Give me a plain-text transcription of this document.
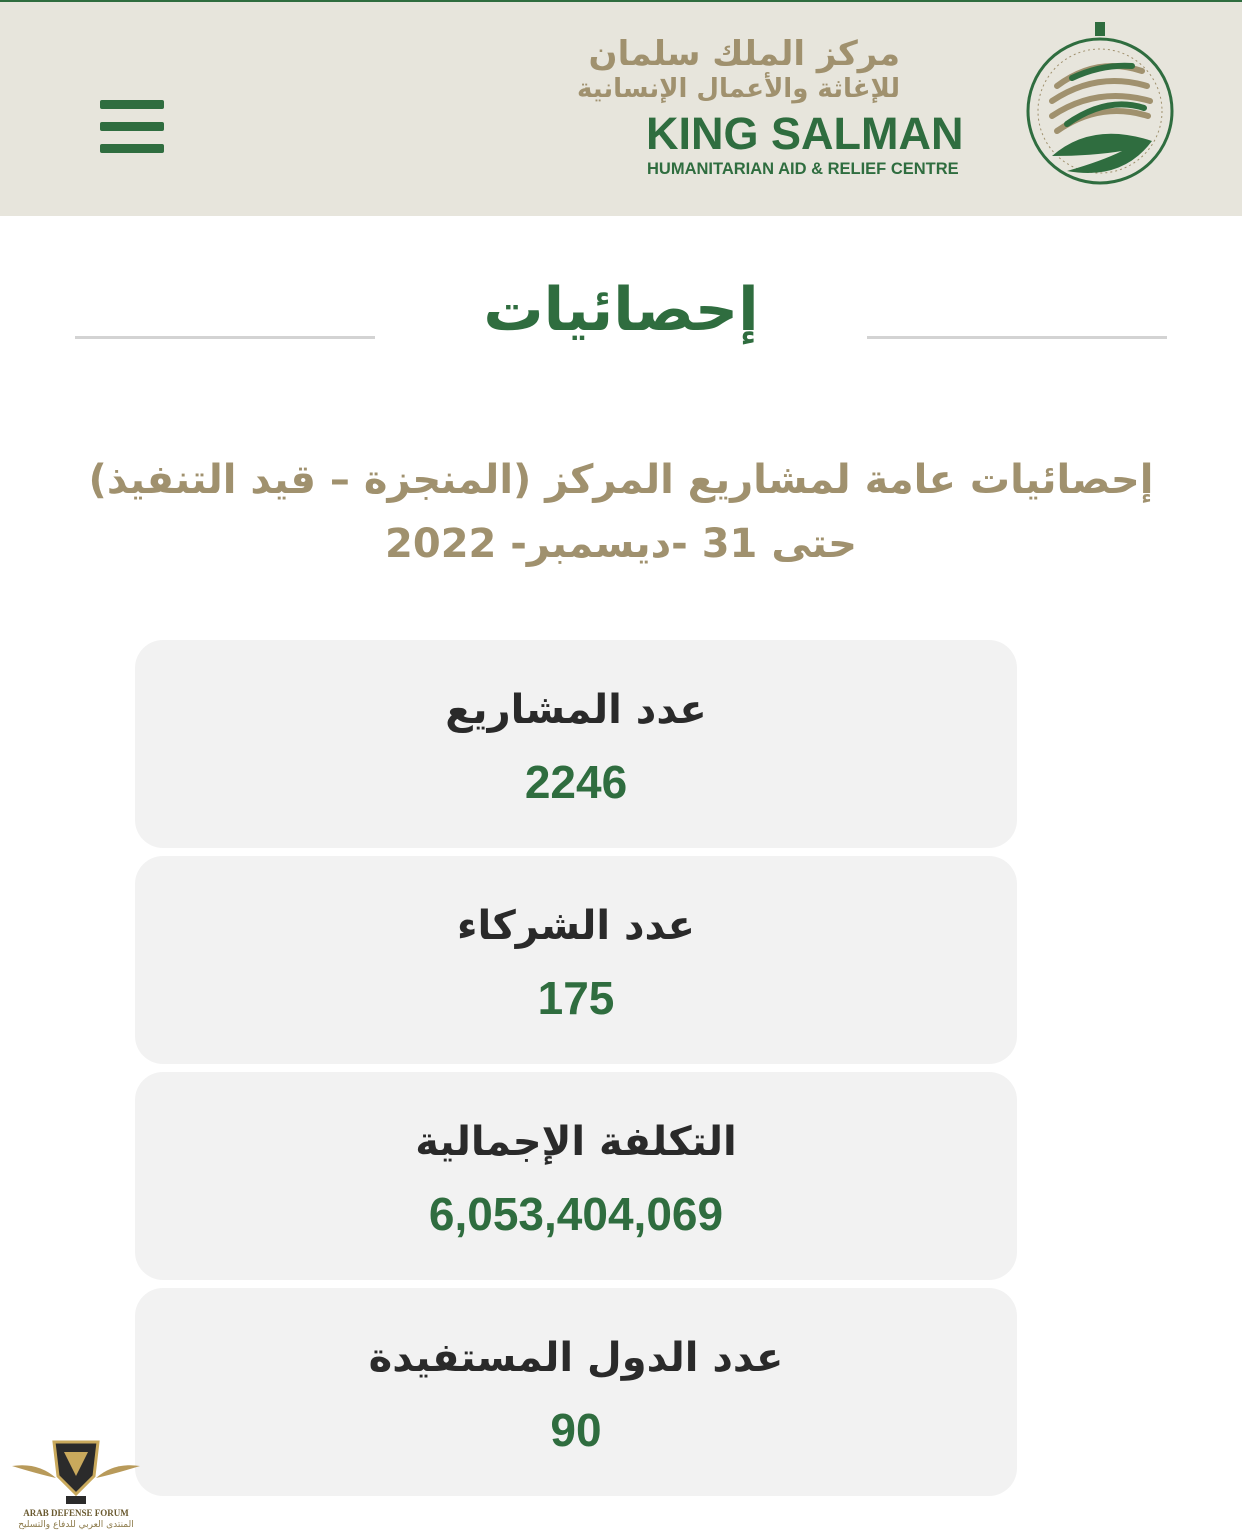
مركز الملك سلمان
للإغاثة والأعمال الإنسانية
KING SALMAN
HUMANITARIAN AID & RELIEF CENTRE
إحصائيات
إحصائيات عامة لمشاريع المركز (المنجزة – قيد التنفيذ) حتى 31 -ديسمبر- 2022
عدد المشاريع
2246
عدد الشركاء
175
التكلفة الإجمالية
6,053,404,069
عدد الدول المستفيدة
90
ARAB DEFENSE FORUM
المنتدى العربي للدفاع والتسليح
